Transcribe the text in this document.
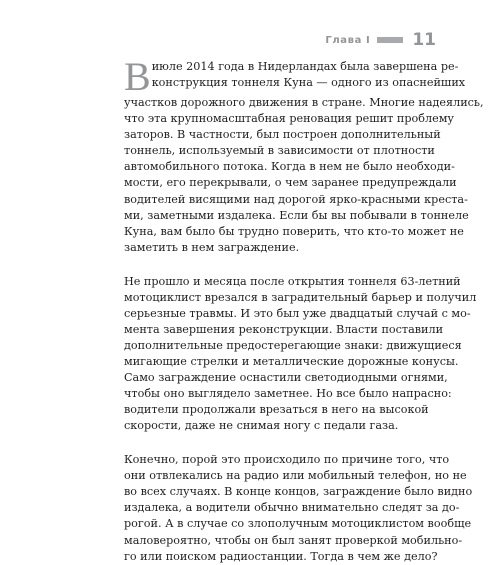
Глава I 11

В июле 2014 года в Нидерландах была завершена ре-
конструкция тоннеля Куна — одного из опаснейших
участков дорожного движения в стране. Многие надеялись,
что эта крупномасштабная реновация решит проблему
заторов. В частности, был построен дополнительный
тоннель, используемый в зависимости от плотности
автомобильного потока. Когда в нем не было необходи-
мости, его перекрывали, о чем заранее предупреждали
водителей висящими над дорогой ярко-красными креста-
ми, заметными издалека. Если бы вы побывали в тоннеле
Куна, вам было бы трудно поверить, что кто-то может не
заметить в нем заграждение.

Не прошло и месяца после открытия тоннеля 63-летний
мотоциклист врезался в заградительный барьер и получил
серьезные травмы. И это был уже двадцатый случай с мо-
мента завершения реконструкции. Власти поставили
дополнительные предостерегающие знаки: движущиеся
мигающие стрелки и металлические дорожные конусы.
Само заграждение оснастили светодиодными огнями,
чтобы оно выглядело заметнее. Но все было напрасно:
водители продолжали врезаться в него на высокой
скорости, даже не снимая ногу с педали газа.

Конечно, порой это происходило по причине того, что
они отвлекались на радио или мобильный телефон, но не
во всех случаях. В конце концов, заграждение было видно
издалека, а водители обычно внимательно следят за до-
рогой. А в случае со злополучным мотоциклистом вообще
маловероятно, чтобы он был занят проверкой мобильно-
го или поиском радиостанции. Тогда в чем же дело?
